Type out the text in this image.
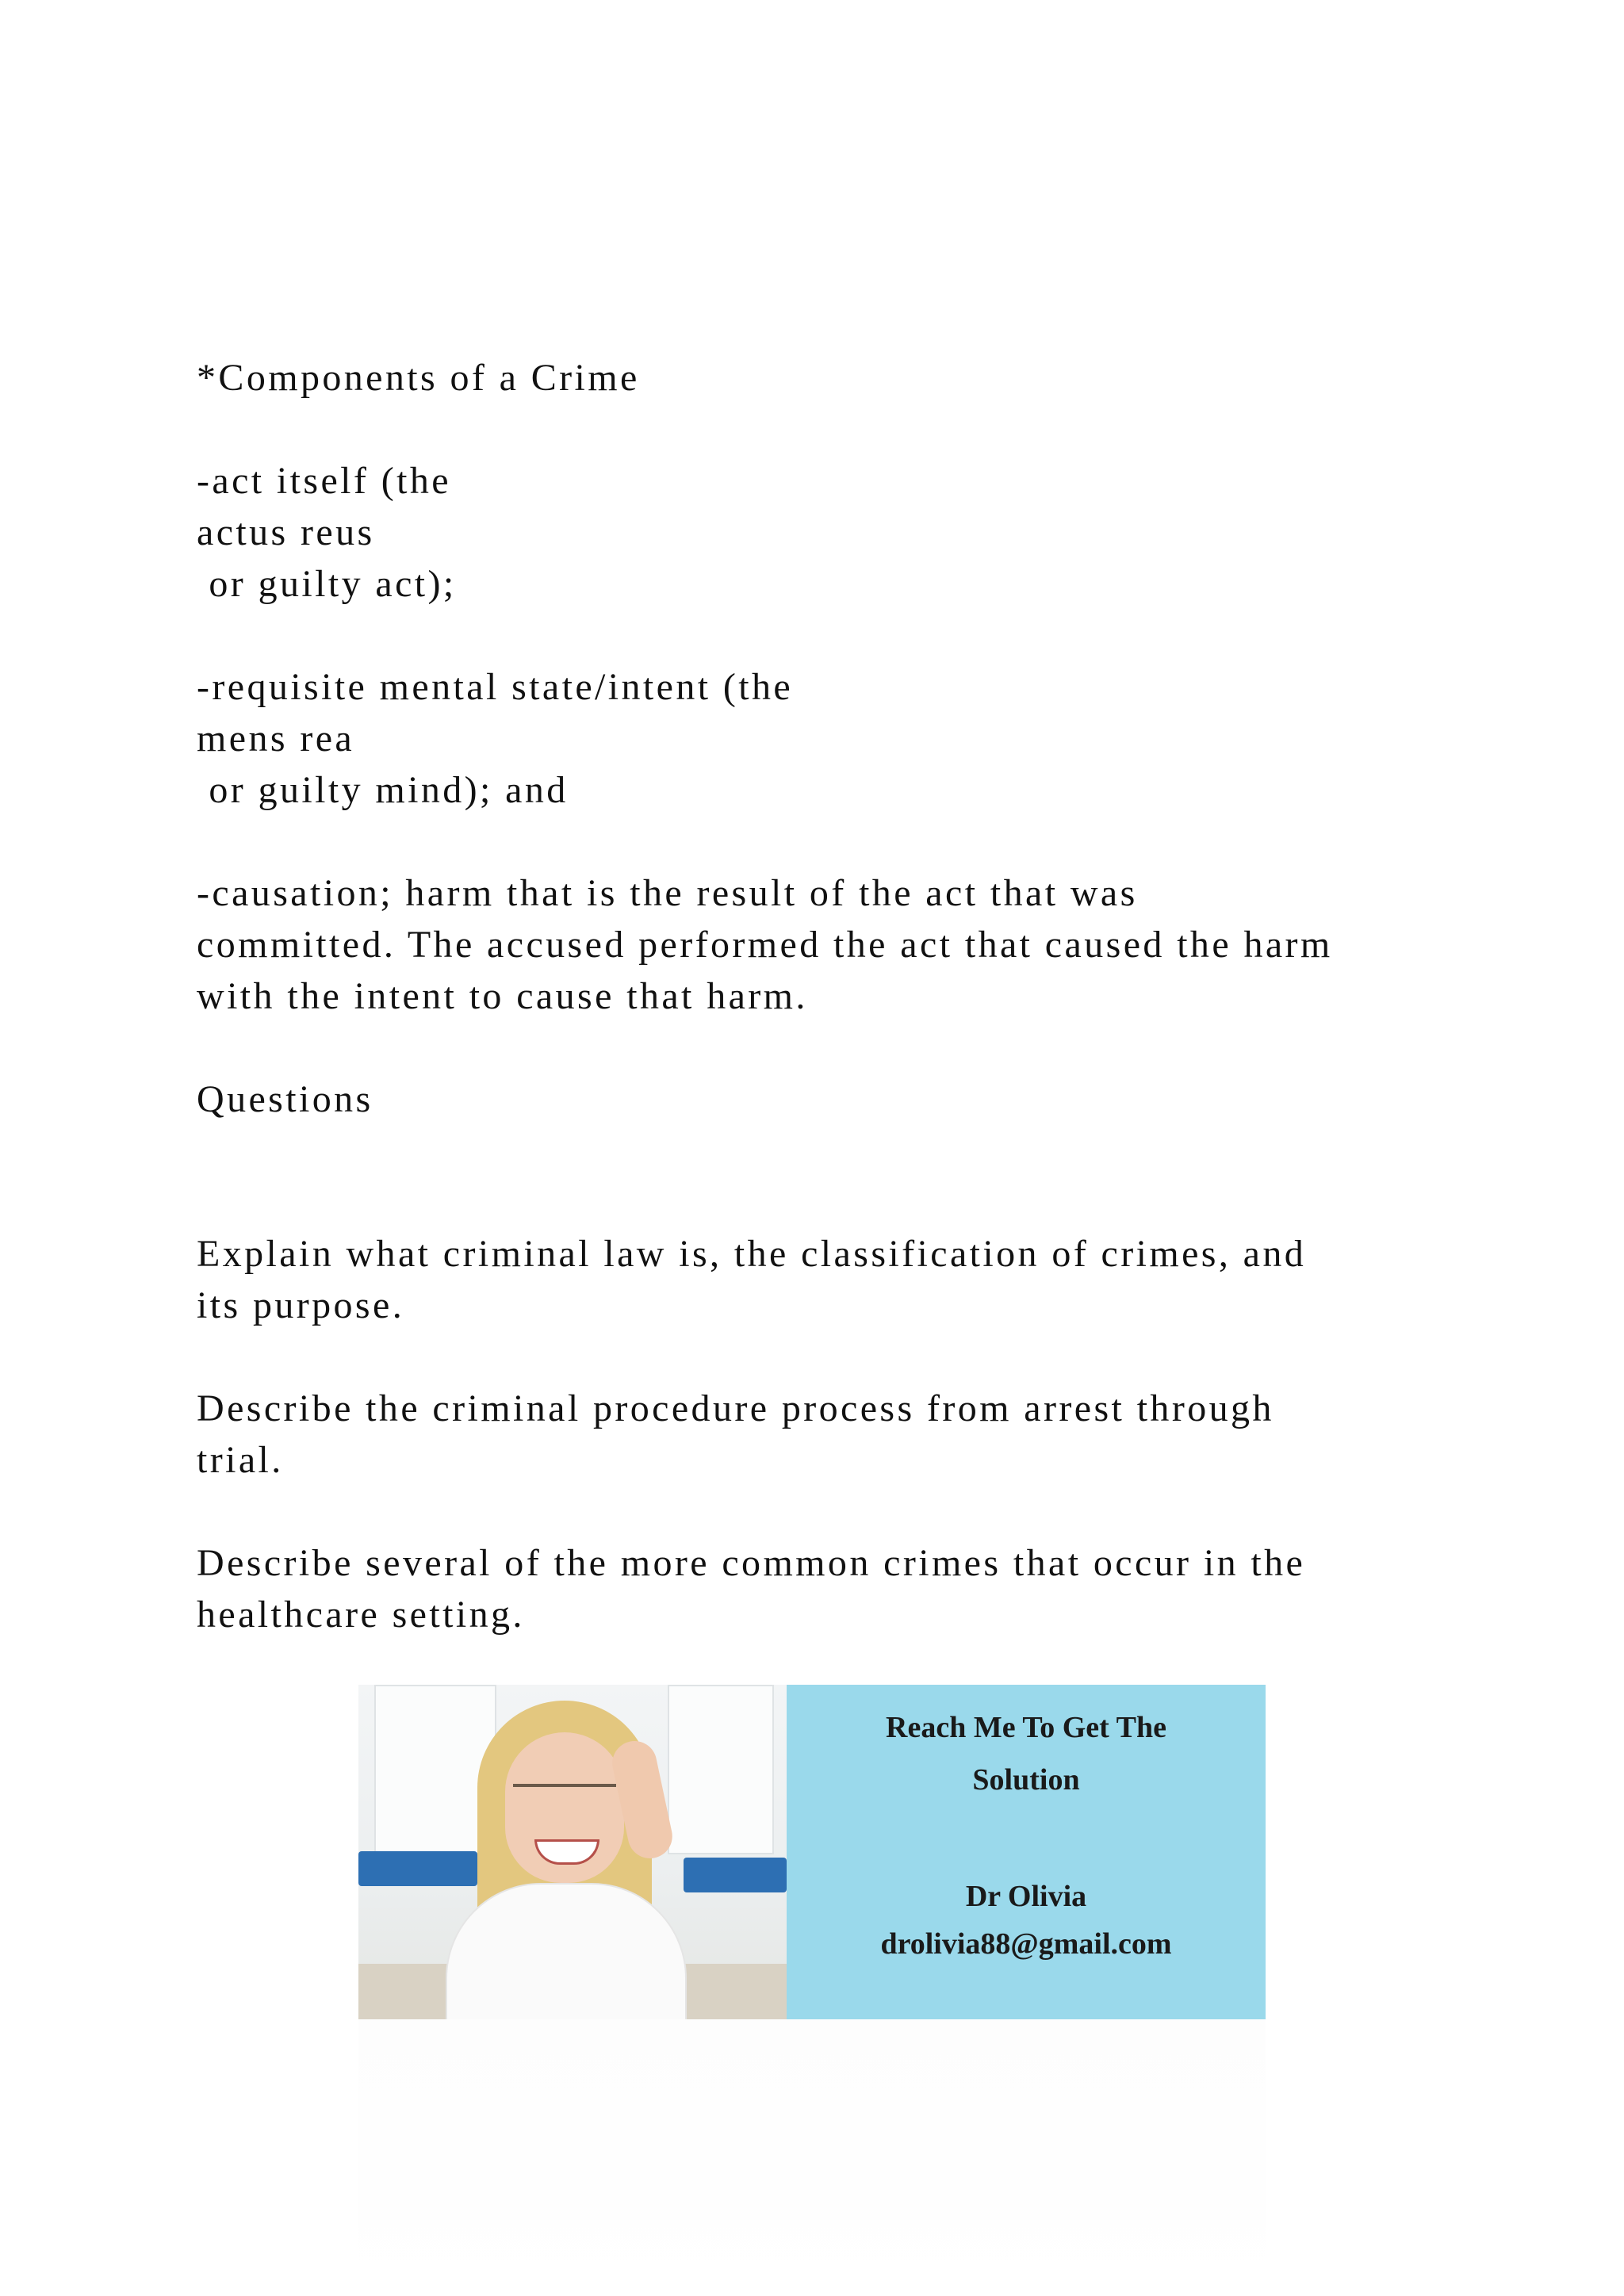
*Components of a Crime
-act itself (the
actus reus
or guilty act);
-requisite mental state/intent (the
mens rea
or guilty mind); and
-causation; harm that is the result of the act that was
committed. The accused performed the act that caused the harm
with the intent to cause that harm.
Questions
Explain what criminal law is, the classification of crimes, and
its purpose.
Describe the criminal procedure process from arrest through
trial.
Describe several of the more common crimes that occur in the
healthcare setting.
Reach Me To Get The
Solution
Dr Olivia
drolivia88@gmail.com
